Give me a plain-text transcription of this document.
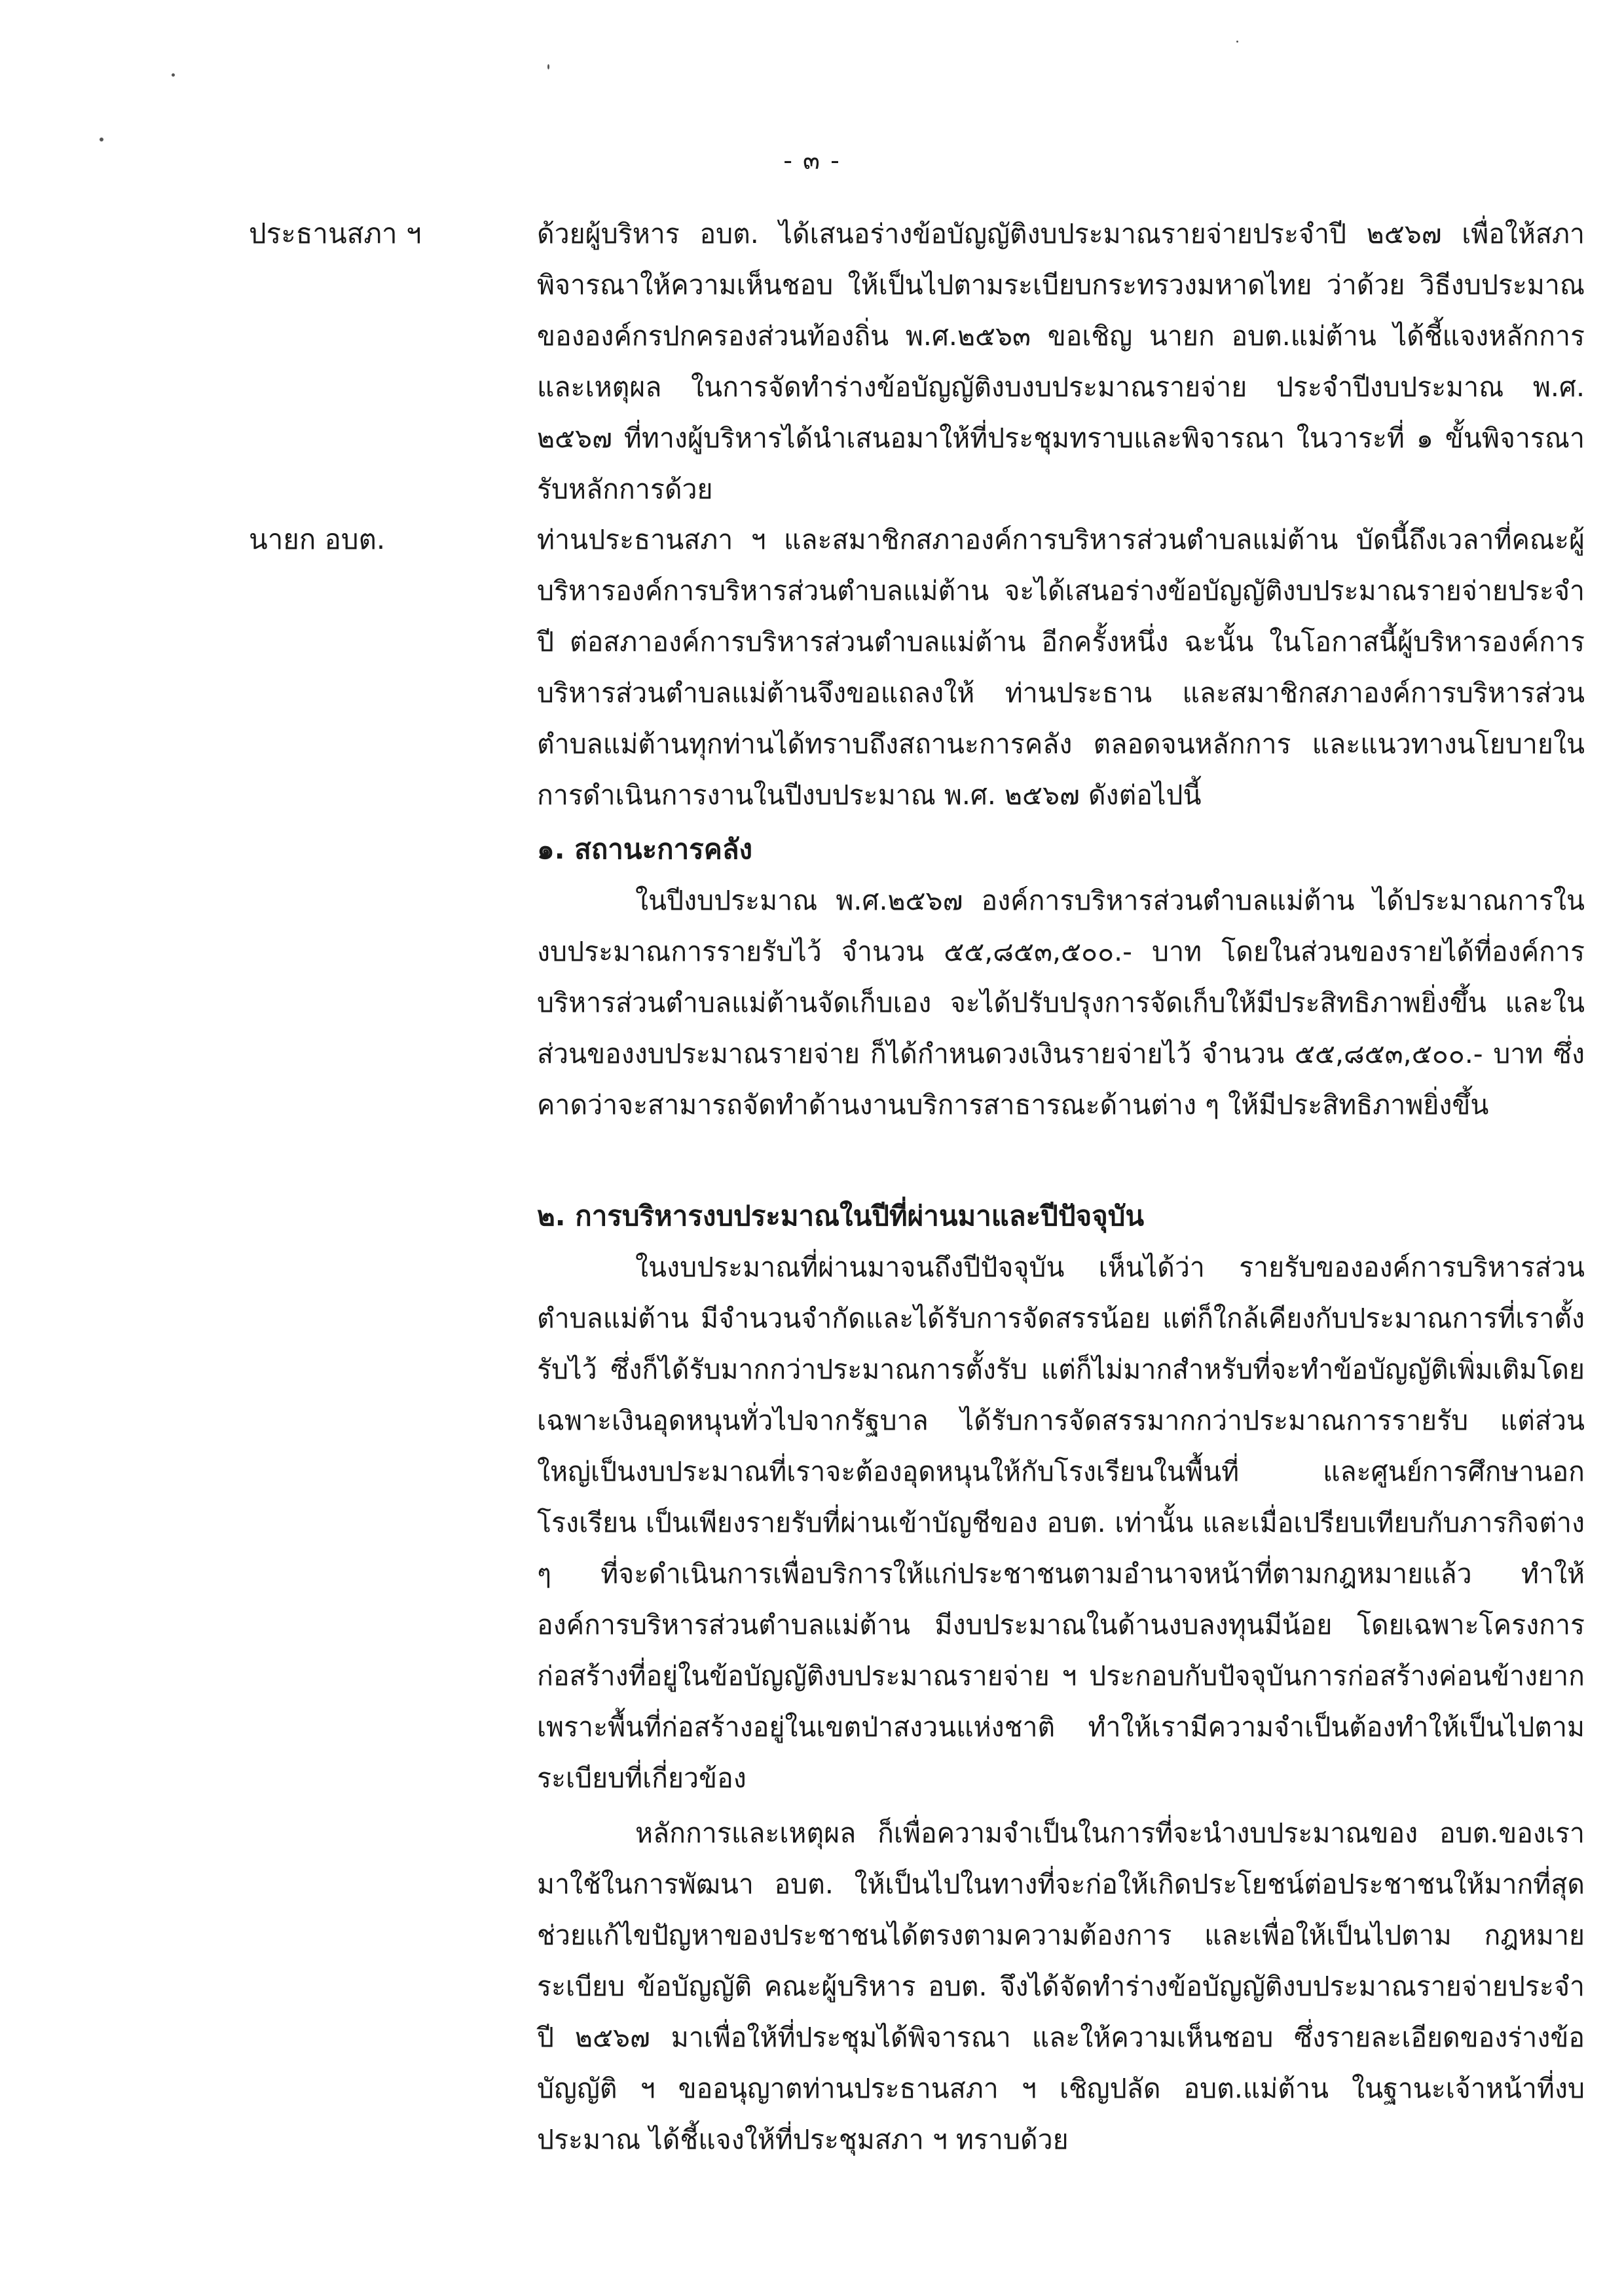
- ๓ -
ประธานสภา ฯ	ด้วยผู้บริหาร อบต. ได้เสนอร่างข้อบัญญัติงบประมาณรายจ่ายประจำปี ๒๕๖๗ เพื่อให้สภาพิจารณาให้ความเห็นชอบ ให้เป็นไปตามระเบียบกระทรวงมหาดไทย ว่าด้วย วิธีงบประมาณขององค์กรปกครองส่วนท้องถิ่น พ.ศ.๒๕๖๓ ขอเชิญ นายก อบต.แม่ต้าน ได้ชี้แจงหลักการและเหตุผล ในการจัดทำร่างข้อบัญญัติงบงบประมาณรายจ่าย ประจำปีงบประมาณ พ.ศ. ๒๕๖๗ ที่ทางผู้บริหารได้นำเสนอมาให้ที่ประชุมทราบและพิจารณา ในวาระที่ ๑ ขั้นพิจารณารับหลักการด้วย
นายก อบต.	ท่านประธานสภา ฯ และสมาชิกสภาองค์การบริหารส่วนตำบลแม่ต้าน บัดนี้ถึงเวลาที่คณะผู้บริหารองค์การบริหารส่วนตำบลแม่ต้าน จะได้เสนอร่างข้อบัญญัติงบประมาณรายจ่ายประจำปี ต่อสภาองค์การบริหารส่วนตำบลแม่ต้าน อีกครั้งหนึ่ง ฉะนั้น ในโอกาสนี้ผู้บริหารองค์การบริหารส่วนตำบลแม่ต้านจึงขอแถลงให้ ท่านประธาน และสมาชิกสภาองค์การบริหารส่วนตำบลแม่ต้านทุกท่านได้ทราบถึงสถานะการคลัง ตลอดจนหลักการ และแนวทางนโยบายในการดำเนินการงานในปีงบประมาณ พ.ศ. ๒๕๖๗ ดังต่อไปนี้
๑. สถานะการคลัง
ในปีงบประมาณ พ.ศ.๒๕๖๗ องค์การบริหารส่วนตำบลแม่ต้าน ได้ประมาณการในงบประมาณการรายรับไว้ จำนวน ๕๕,๘๕๓,๕๐๐.- บาท โดยในส่วนของรายได้ที่องค์การบริหารส่วนตำบลแม่ต้านจัดเก็บเอง จะได้ปรับปรุงการจัดเก็บให้มีประสิทธิภาพยิ่งขึ้น และในส่วนของงบประมาณรายจ่าย ก็ได้กำหนดวงเงินรายจ่ายไว้ จำนวน ๕๕,๘๕๓,๕๐๐.- บาท ซึ่งคาดว่าจะสามารถจัดทำด้านงานบริการสาธารณะด้านต่าง ๆ ให้มีประสิทธิภาพยิ่งขึ้น
๒. การบริหารงบประมาณในปีที่ผ่านมาและปีปัจจุบัน
ในงบประมาณที่ผ่านมาจนถึงปีปัจจุบัน เห็นได้ว่า รายรับขององค์การบริหารส่วนตำบลแม่ต้าน มีจำนวนจำกัดและได้รับการจัดสรรน้อย แต่ก็ใกล้เคียงกับประมาณการที่เราตั้งรับไว้ ซึ่งก็ได้รับมากกว่าประมาณการตั้งรับ แต่ก็ไม่มากสำหรับที่จะทำข้อบัญญัติเพิ่มเติมโดยเฉพาะเงินอุดหนุนทั่วไปจากรัฐบาล ได้รับการจัดสรรมากกว่าประมาณการรายรับ แต่ส่วนใหญ่เป็นงบประมาณที่เราจะต้องอุดหนุนให้กับโรงเรียนในพื้นที่ และศูนย์การศึกษานอกโรงเรียน เป็นเพียงรายรับที่ผ่านเข้าบัญชีของ อบต. เท่านั้น และเมื่อเปรียบเทียบกับภารกิจต่าง ๆ ที่จะดำเนินการเพื่อบริการให้แก่ประชาชนตามอำนาจหน้าที่ตามกฎหมายแล้ว ทำให้องค์การบริหารส่วนตำบลแม่ต้าน มีงบประมาณในด้านงบลงทุนมีน้อย โดยเฉพาะโครงการก่อสร้างที่อยู่ในข้อบัญญัติงบประมาณรายจ่าย ฯ ประกอบกับปัจจุบันการก่อสร้างค่อนข้างยากเพราะพื้นที่ก่อสร้างอยู่ในเขตป่าสงวนแห่งชาติ ทำให้เรามีความจำเป็นต้องทำให้เป็นไปตามระเบียบที่เกี่ยวข้อง
หลักการและเหตุผล ก็เพื่อความจำเป็นในการที่จะนำงบประมาณของ อบต.ของเรามาใช้ในการพัฒนา อบต. ให้เป็นไปในทางที่จะก่อให้เกิดประโยชน์ต่อประชาชนให้มากที่สุดช่วยแก้ไขปัญหาของประชาชนได้ตรงตามความต้องการ และเพื่อให้เป็นไปตาม กฎหมาย ระเบียบ ข้อบัญญัติ คณะผู้บริหาร อบต. จึงได้จัดทำร่างข้อบัญญัติงบประมาณรายจ่ายประจำปี ๒๕๖๗ มาเพื่อให้ที่ประชุมได้พิจารณา และให้ความเห็นชอบ ซึ่งรายละเอียดของร่างข้อบัญญัติ ฯ ขออนุญาตท่านประธานสภา ฯ เชิญปลัด อบต.แม่ต้าน ในฐานะเจ้าหน้าที่งบประมาณ ได้ชี้แจงให้ที่ประชุมสภา ฯ ทราบด้วย
